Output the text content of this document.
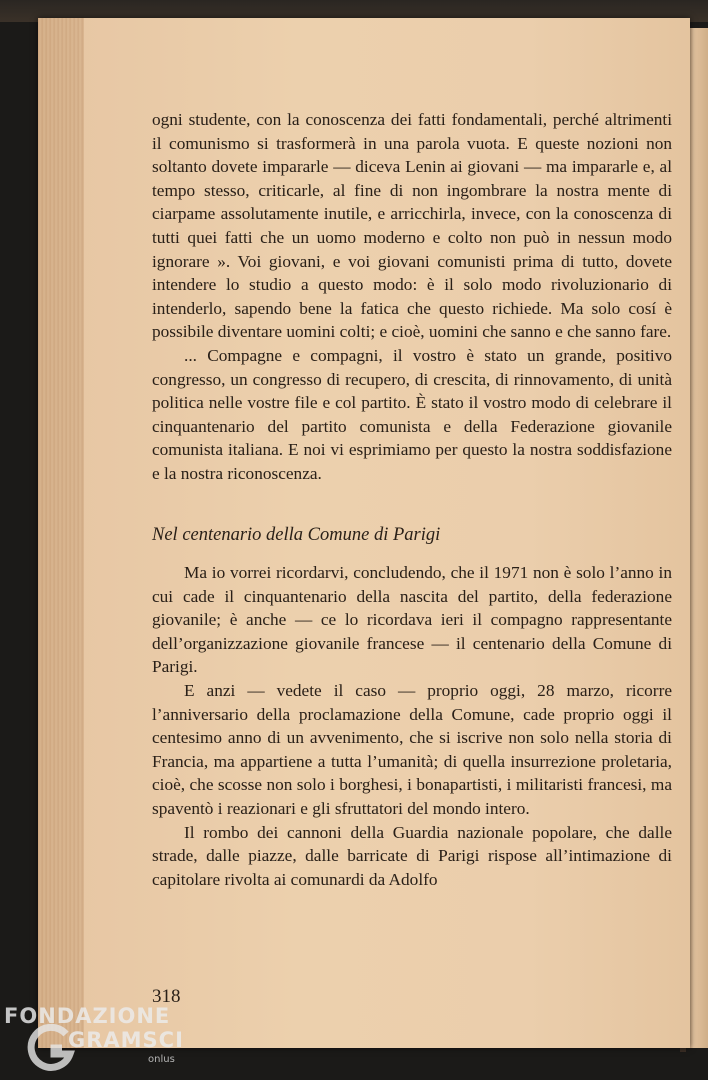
ogni studente, con la conoscenza dei fatti fondamentali, perché altrimenti il comunismo si trasformerà in una parola vuota. E queste nozioni non soltanto dovete impararle — diceva Lenin ai giovani — ma impararle e, al tempo stesso, criticarle, al fine di non ingombrare la nostra mente di ciarpame assolutamente inutile, e arricchirla, invece, con la conoscenza di tutti quei fatti che un uomo moderno e colto non può in nessun modo ignorare ». Voi giovani, e voi giovani comunisti prima di tutto, dovete intendere lo studio a questo modo: è il solo modo rivoluzionario di intenderlo, sapendo bene la fatica che questo richiede. Ma solo cosí è possibile diventare uomini colti; e cioè, uomini che sanno e che sanno fare.

... Compagne e compagni, il vostro è stato un grande, positivo congresso, un congresso di recupero, di crescita, di rinnovamento, di unità politica nelle vostre file e col partito. È stato il vostro modo di celebrare il cinquantenario del partito comunista e della Federazione giovanile comunista italiana. E noi vi esprimiamo per questo la nostra soddisfazione e la nostra riconoscenza.

Nel centenario della Comune di Parigi

Ma io vorrei ricordarvi, concludendo, che il 1971 non è solo l’anno in cui cade il cinquantenario della nascita del partito, della federazione giovanile; è anche — ce lo ricordava ieri il compagno rappresentante dell’organizzazione giovanile francese — il centenario della Comune di Parigi.

E anzi — vedete il caso — proprio oggi, 28 marzo, ricorre l’anniversario della proclamazione della Comune, cade proprio oggi il centesimo anno di un avvenimento, che si iscrive non solo nella storia di Francia, ma appartiene a tutta l’umanità; di quella insurrezione proletaria, cioè, che scosse non solo i borghesi, i bonapartisti, i militaristi francesi, ma spaventò i reazionari e gli sfruttatori del mondo intero.

Il rombo dei cannoni della Guardia nazionale popolare, che dalle strade, dalle piazze, dalle barricate di Parigi rispose all’intimazione di capitolare rivolta ai comunardi da Adolfo

318
FONDAZIONE
GRAMSCI
onlus
